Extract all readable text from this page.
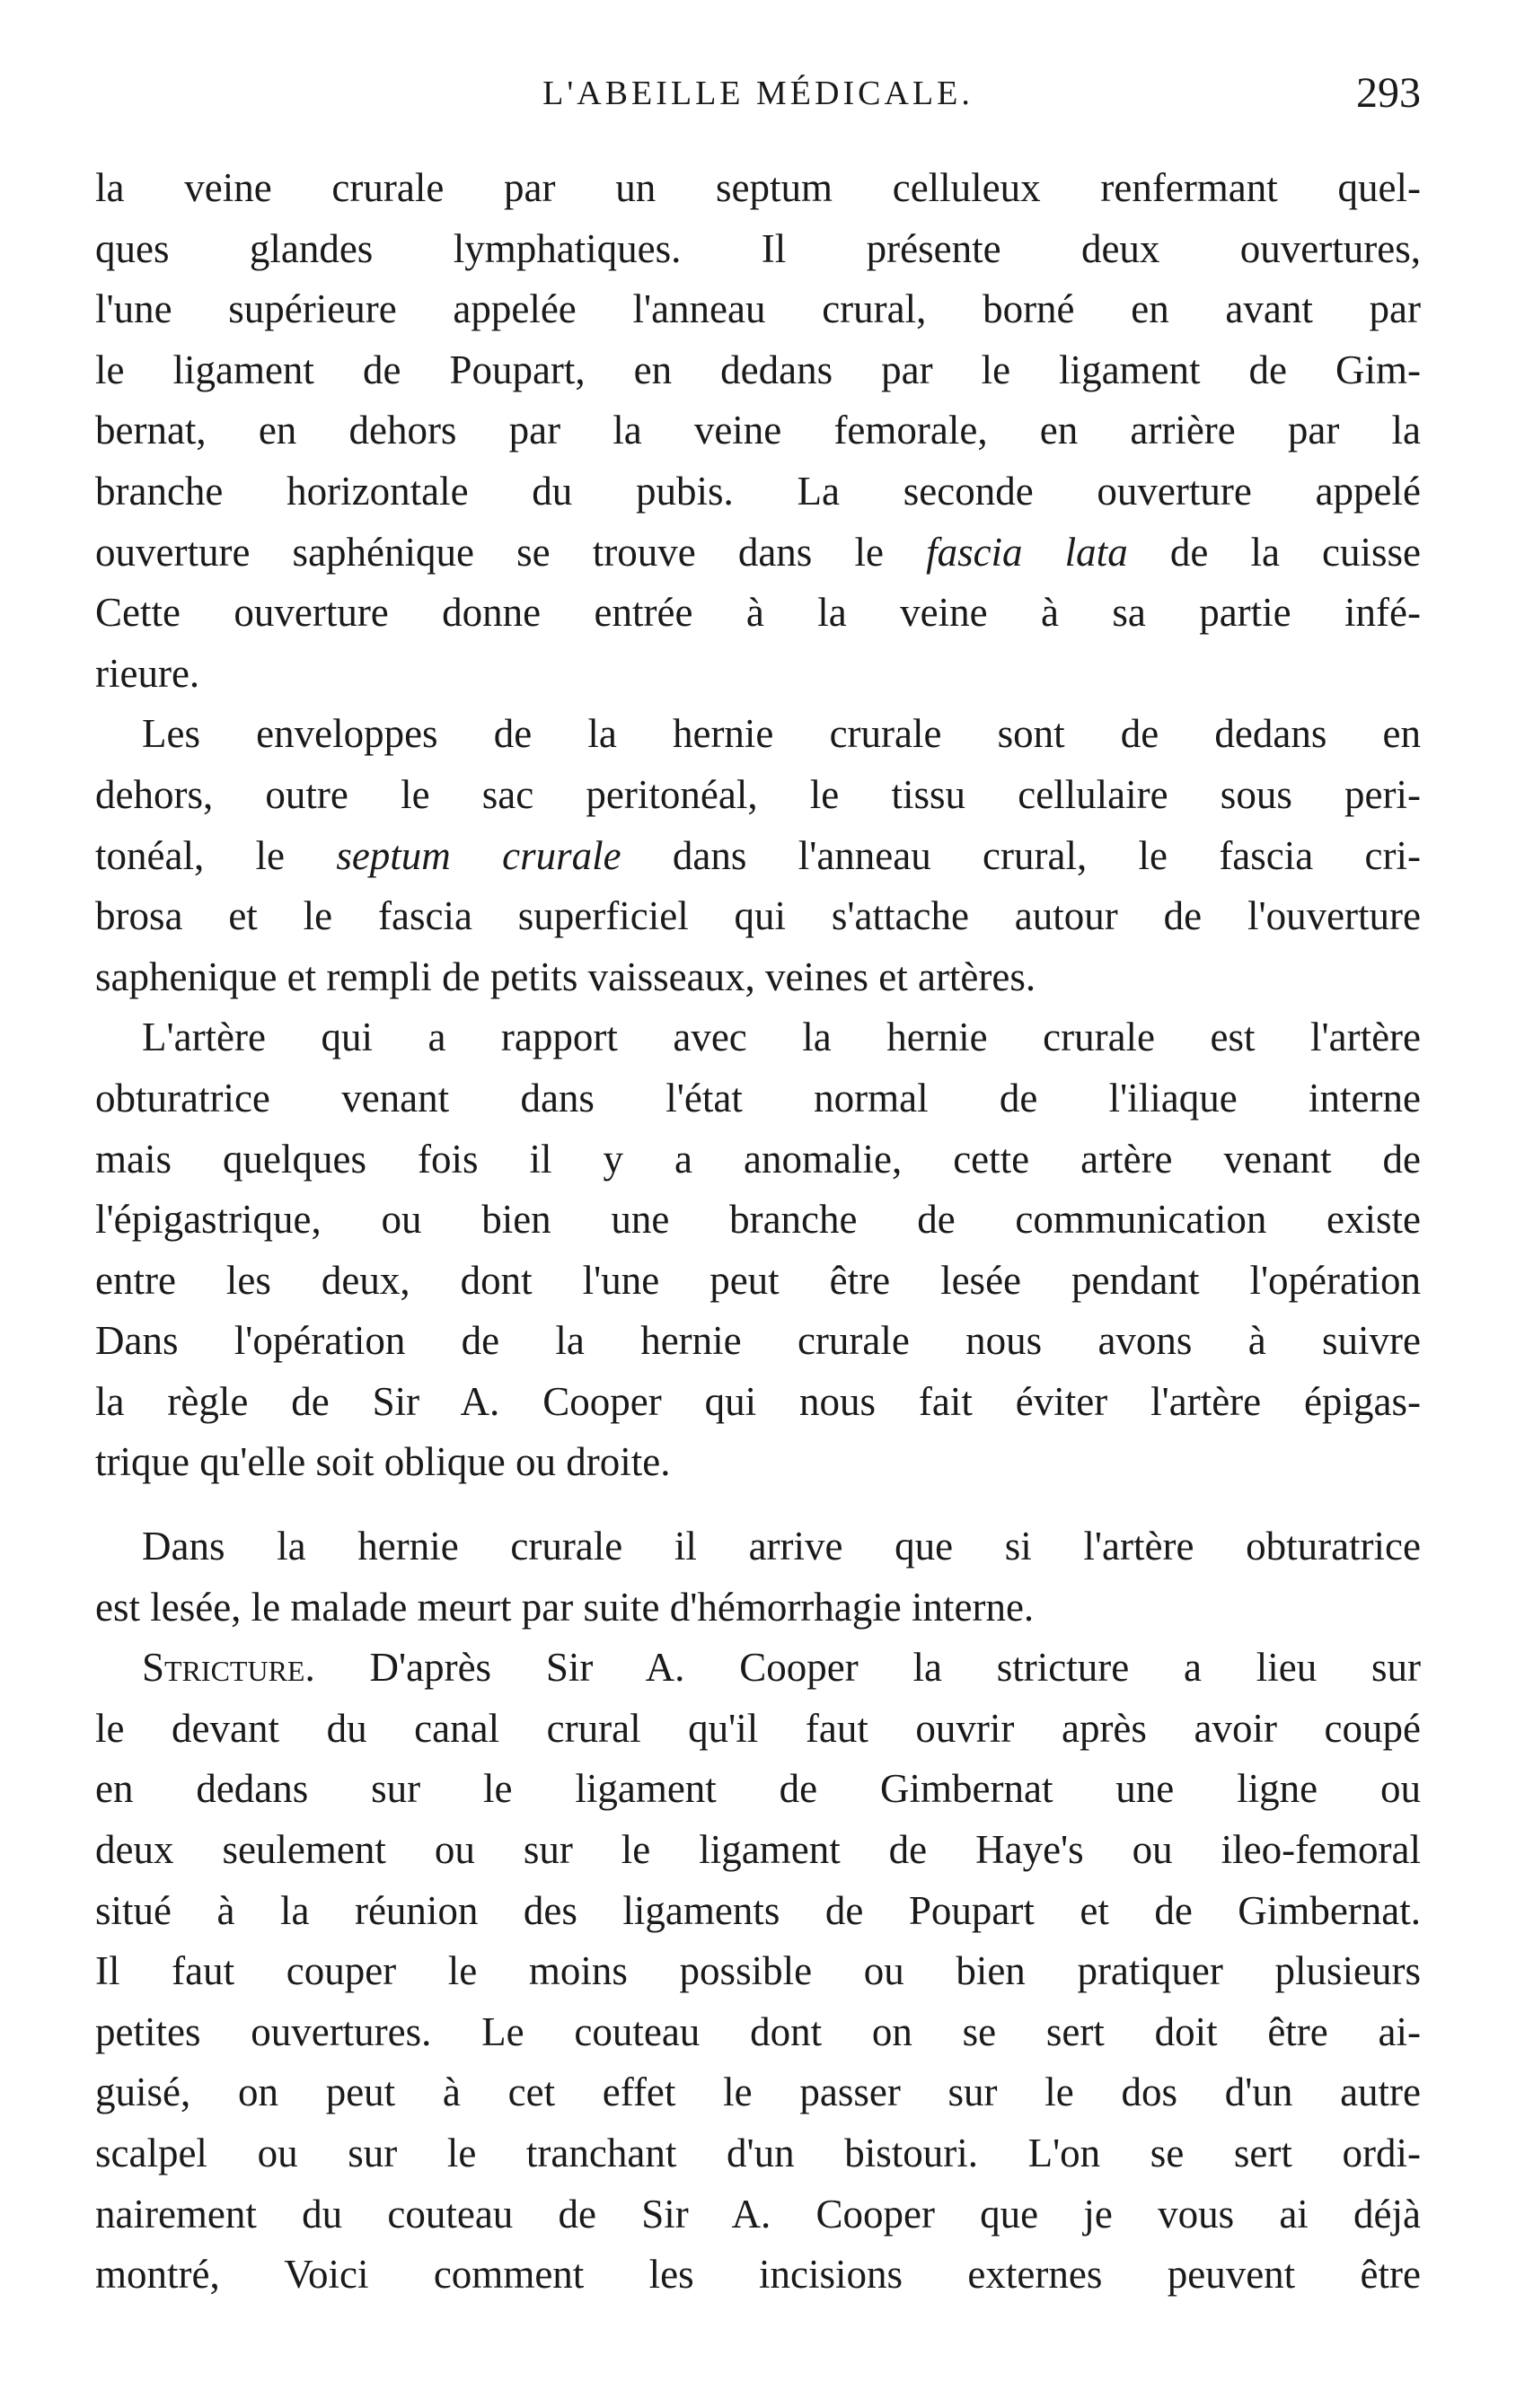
L'ABEILLE MÉDICALE.	293
la veine crurale par un septum celluleux renfermant quel-
ques glandes lymphatiques. Il présente deux ouvertures,
l'une supérieure appelée l'anneau crural, borné en avant par
le ligament de Poupart, en dedans par le ligament de Gim-
bernat, en dehors par la veine femorale, en arrière par la
branche horizontale du pubis. La seconde ouverture appelé
ouverture saphénique se trouve dans le fascia lata de la cuisse
Cette ouverture donne entrée à la veine à sa partie infé-
rieure.
Les enveloppes de la hernie crurale sont de dedans en
dehors, outre le sac peritonéal, le tissu cellulaire sous peri-
tonéal, le septum crurale dans l'anneau crural, le fascia cri-
brosa et le fascia superficiel qui s'attache autour de l'ouverture
saphenique et rempli de petits vaisseaux, veines et artères.
L'artère qui a rapport avec la hernie crurale est l'artère
obturatrice venant dans l'état normal de l'iliaque interne
mais quelques fois il y a anomalie, cette artère venant de
l'épigastrique, ou bien une branche de communication existe
entre les deux, dont l'une peut être lesée pendant l'opération
Dans l'opération de la hernie crurale nous avons à suivre
la règle de Sir A. Cooper qui nous fait éviter l'artère épigas-
trique qu'elle soit oblique ou droite.
Dans la hernie crurale il arrive que si l'artère obturatrice
est lesée, le malade meurt par suite d'hémorrhagie interne.
Stricture. D'après Sir A. Cooper la stricture a lieu sur
le devant du canal crural qu'il faut ouvrir après avoir coupé
en dedans sur le ligament de Gimbernat une ligne ou
deux seulement ou sur le ligament de Haye's ou ileo-femoral
situé à la réunion des ligaments de Poupart et de Gimbernat.
Il faut couper le moins possible ou bien pratiquer plusieurs
petites ouvertures. Le couteau dont on se sert doit être ai-
guisé, on peut à cet effet le passer sur le dos d'un autre
scalpel ou sur le tranchant d'un bistouri. L'on se sert ordi-
nairement du couteau de Sir A. Cooper que je vous ai déjà
montré, Voici comment les incisions externes peuvent être
